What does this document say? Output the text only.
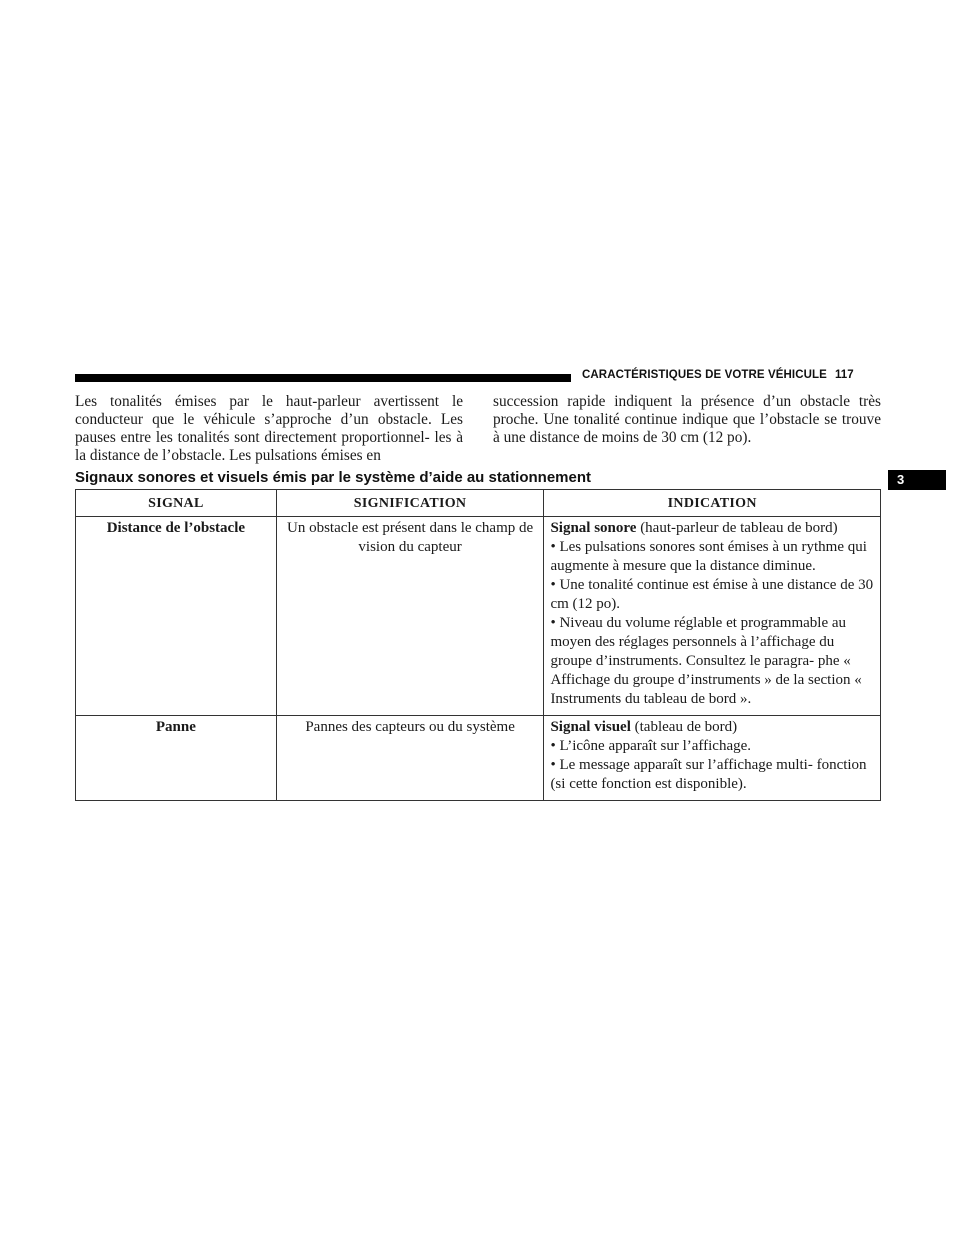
CARACTÉRISTIQUES DE VOTRE VÉHICULE 117

Les tonalités émises par le haut-parleur avertissent le conducteur que le véhicule s’approche d’un obstacle. Les pauses entre les tonalités sont directement proportionnel- les à la distance de l’obstacle. Les pulsations émises en

succession rapide indiquent la présence d’un obstacle très proche. Une tonalité continue indique que l’obstacle se trouve à une distance de moins de 30 cm (12 po).

Signaux sonores et visuels émis par le système d’aide au stationnement	3
SIGNAL	SIGNIFICATION	INDICATION
Distance de l’obstacle	Un obstacle est présent dans le champ de vision du capteur	Signal sonore (haut-parleur de tableau de bord)
• Les pulsations sonores sont émises à un rythme qui augmente à mesure que la distance diminue.
• Une tonalité continue est émise à une distance de 30 cm (12 po).
• Niveau du volume réglable et programmable au moyen des réglages personnels à l’affichage du groupe d’instruments. Consultez le paragra- phe « Affichage du groupe d’instruments » de la section « Instruments du tableau de bord ».

Panne	Pannes des capteurs ou du système	Signal visuel (tableau de bord)
• L’icône apparaît sur l’affichage.
• Le message apparaît sur l’affichage multi- fonction (si cette fonction est disponible).
